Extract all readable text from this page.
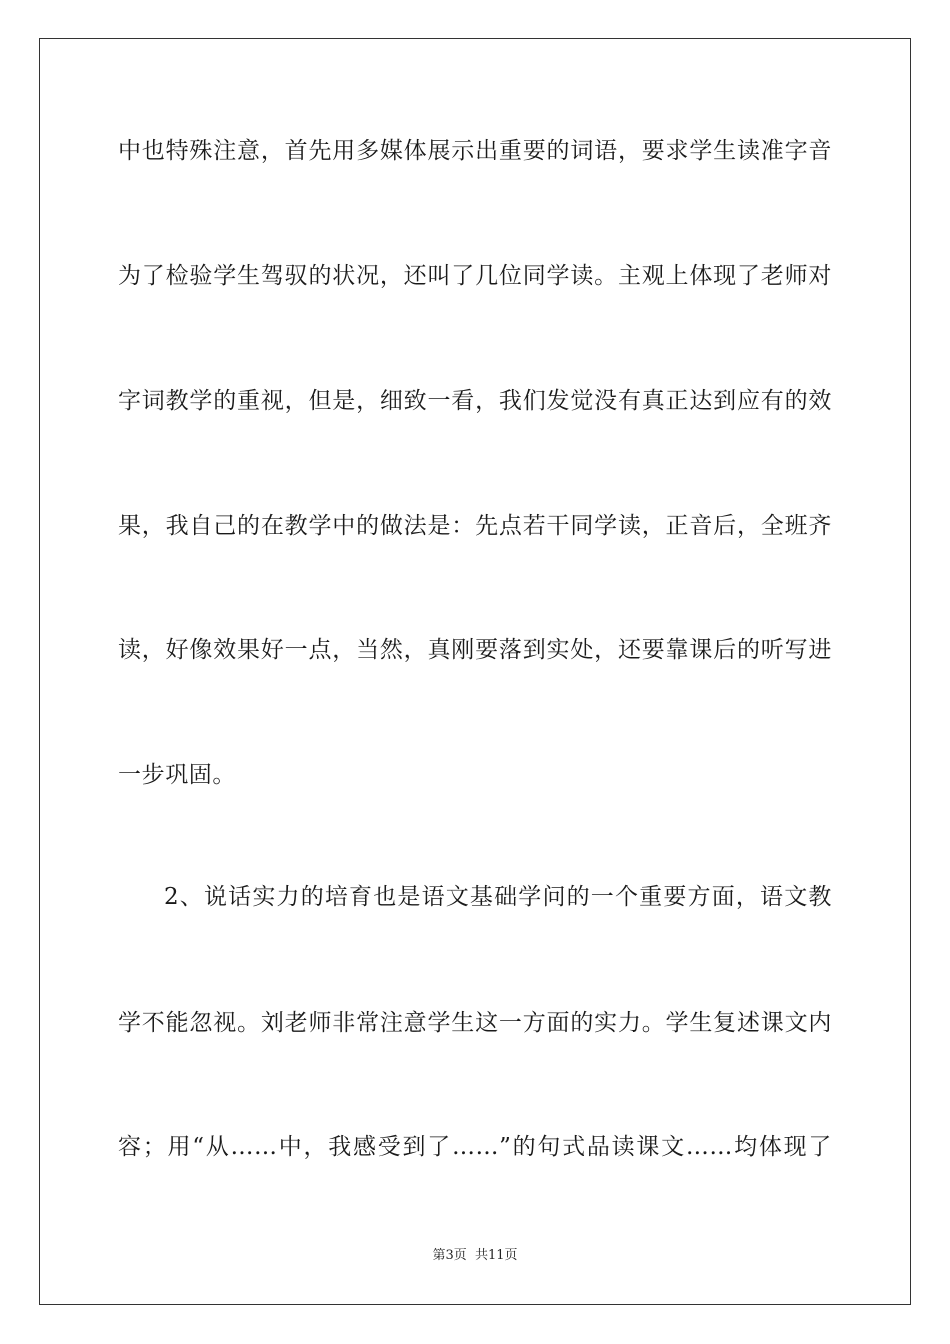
中也特殊注意，首先用多媒体展示出重要的词语，要求学生读准字音
为了检验学生驾驭的状况，还叫了几位同学读。主观上体现了老师对
字词教学的重视，但是，细致一看，我们发觉没有真正达到应有的效
果，我自己的在教学中的做法是：先点若干同学读，正音后，全班齐
读，好像效果好一点，当然，真刚要落到实处，还要靠课后的听写进
一步巩固。
2、说话实力的培育也是语文基础学问的一个重要方面，语文教
学不能忽视。刘老师非常注意学生这一方面的实力。学生复述课文内
容；用“从……中，我感受到了……”的句式品读课文……均体现了
第3页 共11页
